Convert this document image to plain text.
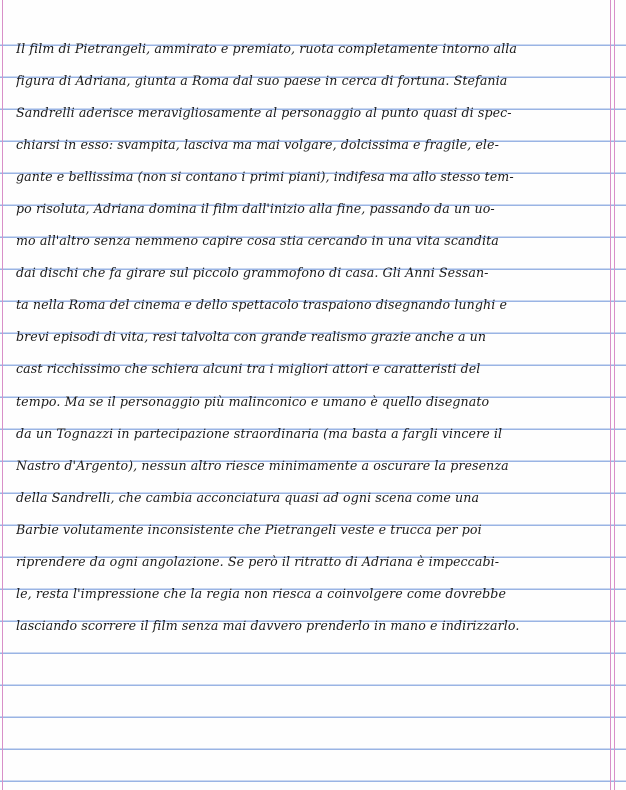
Il film di Pietrangeli, ammirato e premiato, ruota completamente intorno alla
figura di Adriana, giunta a Roma dal suo paese in cerca di fortuna. Stefania
Sandrelli aderisce meravigliosamente al personaggio al punto quasi di spec-
chiarsi in esso: svampita, lasciva ma mai volgare, dolcissima e fragile, ele-
gante e bellissima (non si contano i primi piani), indifesa ma allo stesso tem-
po risoluta, Adriana domina il film dall'inizio alla fine, passando da un uo-
mo all'altro senza nemmeno capire cosa stia cercando in una vita scandita
dai dischi che fa girare sul piccolo grammofono di casa. Gli Anni Sessan-
ta nella Roma del cinema e dello spettacolo traspaiono disegnando lunghi e
brevi episodi di vita, resi talvolta con grande realismo grazie anche a un
cast ricchissimo che schiera alcuni tra i migliori attori e caratteristi del
tempo. Ma se il personaggio più malinconico e umano è quello disegnato
da un Tognazzi in partecipazione straordinaria (ma basta a fargli vincere il
Nastro d'Argento), nessun altro riesce minimamente a oscurare la presenza
della Sandrelli, che cambia acconciatura quasi ad ogni scena come una
Barbie volutamente inconsistente che Pietrangeli veste e trucca per poi
riprendere da ogni angolazione. Se però il ritratto di Adriana è impeccabi-
le, resta l'impressione che la regia non riesca a coinvolgere come dovrebbe
lasciando scorrere il film senza mai davvero prenderlo in mano e indirizzarlo.
